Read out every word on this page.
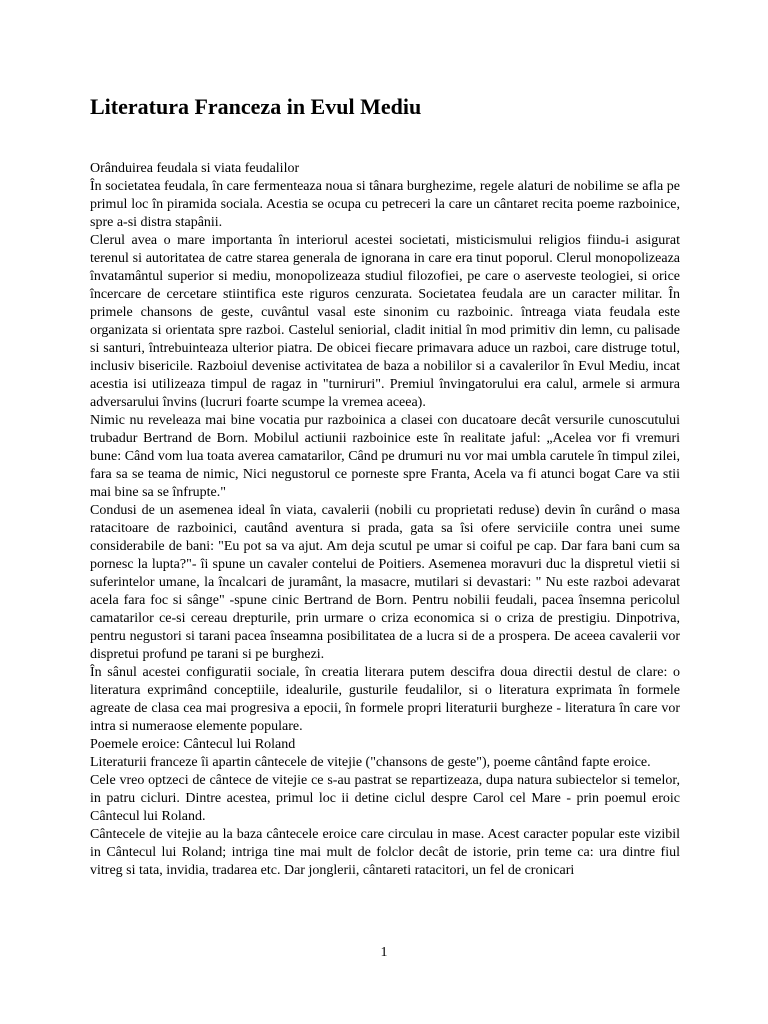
Literatura Franceza in Evul Mediu

Orânduirea feudala si viata feudalilor

În societatea feudala, în care fermenteaza noua si tânara burghezime, regele alaturi de nobilime se afla pe primul loc în piramida sociala. Acestia se ocupa cu petreceri la care un cântaret recita poeme razboinice, spre a-si distra stapânii.

Clerul avea o mare importanta în interiorul acestei societati, misticismului religios fiindu-i asigurat terenul si autoritatea de catre starea generala de ignorana in care era tinut poporul. Clerul monopolizeaza învatamântul superior si mediu, monopolizeaza studiul filozofiei, pe care o aserveste teologiei, si orice încercare de cercetare stiintifica este riguros cenzurata. Societatea feudala are un caracter militar. În primele chansons de geste, cuvântul vasal este sinonim cu razboinic. întreaga viata feudala este organizata si orientata spre razboi. Castelul seniorial, cladit initial în mod primitiv din lemn, cu palisade si santuri, întrebuinteaza ulterior piatra. De obicei fiecare primavara aduce un razboi, care distruge totul, inclusiv bisericile. Razboiul devenise activitatea de baza a nobililor si a cavalerilor în Evul Mediu, incat acestia isi utilizeaza timpul de ragaz in "turniruri". Premiul învingatorului era calul, armele si armura adversarului învins (lucruri foarte scumpe la vremea aceea).

Nimic nu reveleaza mai bine vocatia pur razboinica a clasei con ducatoare decât versurile cunoscutului trubadur Bertrand de Born. Mobilul actiunii razboinice este în realitate jaful: „Acelea vor fi vremuri bune: Când vom lua toata averea camatarilor, Când pe drumuri nu vor mai umbla carutele în timpul zilei, fara sa se teama de nimic, Nici negustorul ce porneste spre Franta, Acela va fi atunci bogat Care va stii mai bine sa se înfrupte."

Condusi de un asemenea ideal în viata, cavalerii (nobili cu proprietati reduse) devin în curând o masa ratacitoare de razboinici, cautând aventura si prada, gata sa îsi ofere serviciile contra unei sume considerabile de bani: "Eu pot sa va ajut. Am deja scutul pe umar si coiful pe cap. Dar fara bani cum sa pornesc la lupta?"- îi spune un cavaler contelui de Poitiers. Asemenea moravuri duc la dispretul vietii si suferintelor umane, la încalcari de juramânt, la masacre, mutilari si devastari: " Nu este razboi adevarat acela fara foc si sânge" -spune cinic Bertrand de Born. Pentru nobilii feudali, pacea însemna pericolul camatarilor ce-si cereau drepturile, prin urmare o criza economica si o criza de prestigiu. Dinpotriva, pentru negustori si tarani pacea înseamna posibilitatea de a lucra si de a prospera. De aceea cavalerii vor dispretui profund pe tarani si pe burghezi.

În sânul acestei configuratii sociale, în creatia literara putem descifra doua directii destul de clare: o literatura exprimând conceptiile, idealurile, gusturile feudalilor, si o literatura exprimata în formele agreate de clasa cea mai progresiva a epocii, în formele propri literaturii burgheze - literatura în care vor intra si numeraose elemente populare.

Poemele eroice: Cântecul lui Roland

Literaturii franceze îi apartin cântecele de vitejie ("chansons de geste"), poeme cântând fapte eroice.

Cele vreo optzeci de cântece de vitejie ce s-au pastrat se repartizeaza, dupa natura subiectelor si temelor, in patru cicluri. Dintre acestea, primul loc ii detine ciclul despre Carol cel Mare - prin poemul eroic Cântecul lui Roland.

Cântecele de vitejie au la baza cântecele eroice care circulau in mase. Acest caracter popular este vizibil in Cântecul lui Roland; intriga tine mai mult de folclor decât de istorie, prin teme ca: ura dintre fiul vitreg si tata, invidia, tradarea etc. Dar jonglerii, cântareti ratacitori, un fel de cronicari

1
